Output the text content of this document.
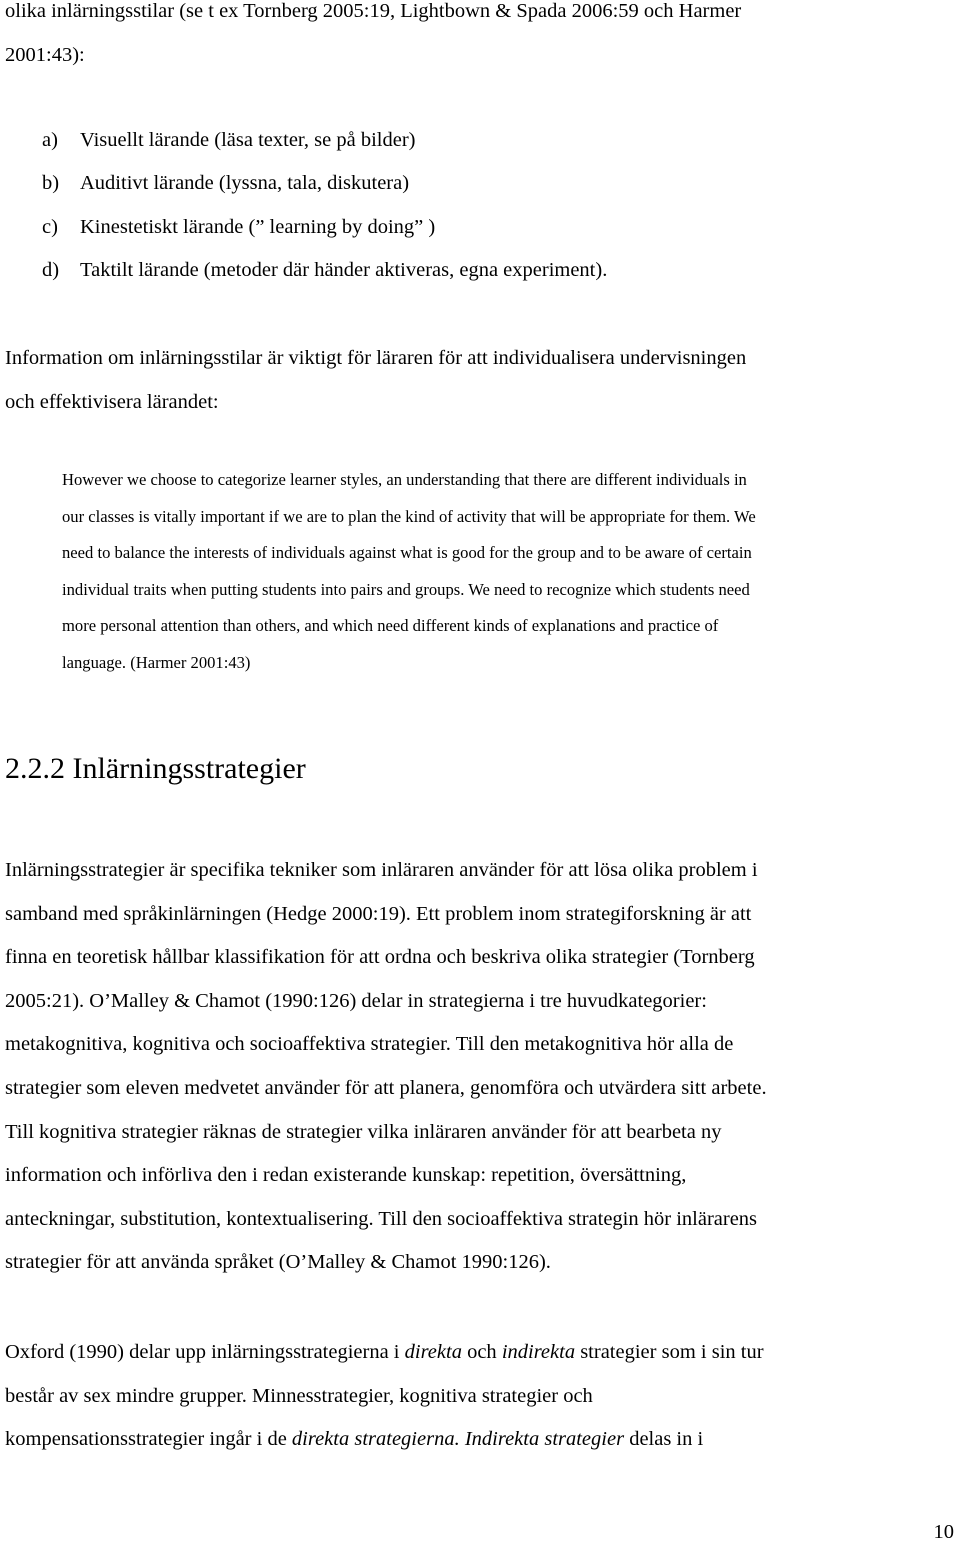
olika inlärningsstilar (se t ex Tornberg 2005:19, Lightbown & Spada 2006:59 och Harmer
2001:43):

a) Visuellt lärande (läsa texter, se på bilder)
b) Auditivt lärande (lyssna, tala, diskutera)
c) Kinestetiskt lärande (” learning by doing” )
d) Taktilt lärande (metoder där händer aktiveras, egna experiment).

Information om inlärningsstilar är viktigt för läraren för att individualisera undervisningen
och effektivisera lärandet:

However we choose to categorize learner styles, an understanding that there are different individuals in
our classes is vitally important if we are to plan the kind of activity that will be appropriate for them. We
need to balance the interests of individuals against what is good for the group and to be aware of certain
individual traits when putting students into pairs and groups. We need to recognize which students need
more personal attention than others, and which need different kinds of explanations and practice of
language. (Harmer 2001:43)
2.2.2 Inlärningsstrategier

Inlärningsstrategier är specifika tekniker som inläraren använder för att lösa olika problem i
samband med språkinlärningen (Hedge 2000:19). Ett problem inom strategiforskning är att
finna en teoretisk hållbar klassifikation för att ordna och beskriva olika strategier (Tornberg
2005:21). O’Malley & Chamot (1990:126) delar in strategierna i tre huvudkategorier:
metakognitiva, kognitiva och socioaffektiva strategier. Till den metakognitiva hör alla de
strategier som eleven medvetet använder för att planera, genomföra och utvärdera sitt arbete.
Till kognitiva strategier räknas de strategier vilka inläraren använder för att bearbeta ny
information och införliva den i redan existerande kunskap: repetition, översättning,
anteckningar, substitution, kontextualisering. Till den socioaffektiva strategin hör inlärarens
strategier för att använda språket (O’Malley & Chamot 1990:126).

Oxford (1990) delar upp inlärningsstrategierna i direkta och indirekta strategier som i sin tur
består av sex mindre grupper. Minnesstrategier, kognitiva strategier och
kompensationsstrategier ingår i de direkta strategierna. Indirekta strategier delas in i

10
